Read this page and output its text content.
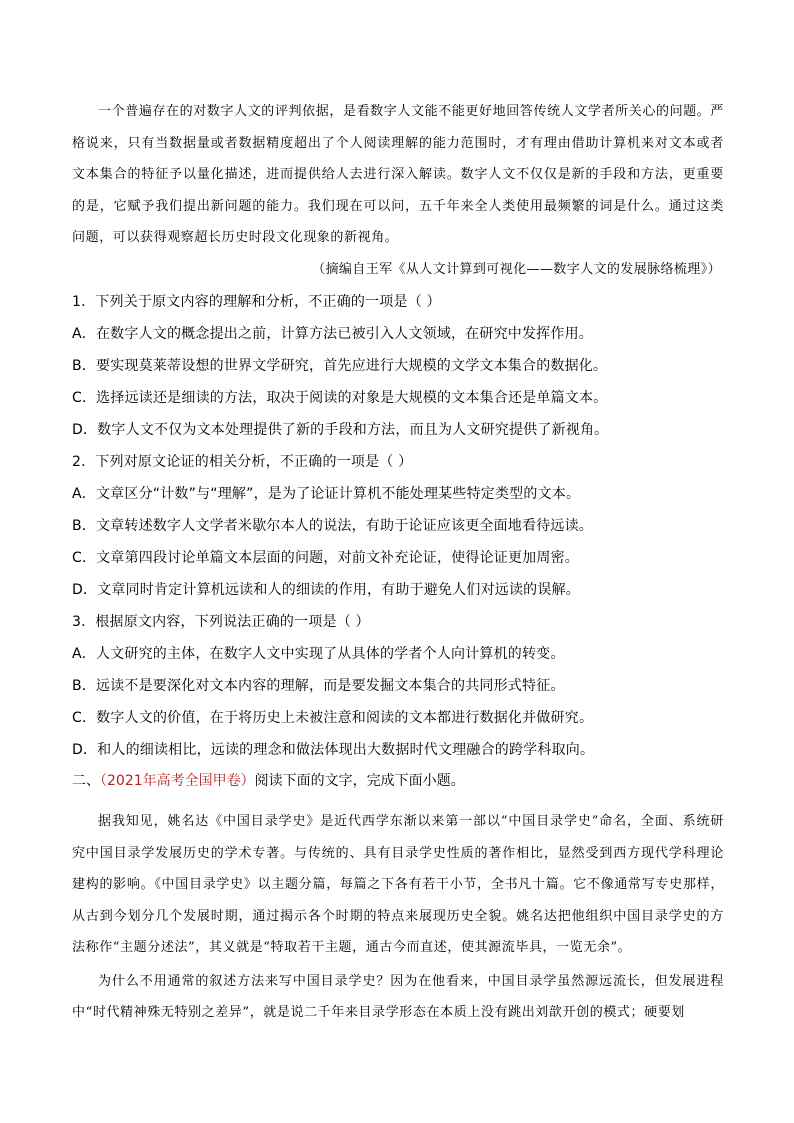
一个普遍存在的对数字人文的评判依据，是看数字人文能不能更好地回答传统人文学者所关心的问题。严格说来，只有当数据量或者数据精度超出了个人阅读理解的能力范围时，才有理由借助计算机来对文本或者文本集合的特征予以量化描述，进而提供给人去进行深入解读。数字人文不仅仅是新的手段和方法，更重要的是，它赋予我们提出新问题的能力。我们现在可以问，五千年来全人类使用最频繁的词是什么。通过这类问题，可以获得观察超长历史时段文化现象的新视角。

（摘编自王军《从人文计算到可视化——数字人文的发展脉络梳理》）
1．下列关于原文内容的理解和分析，不正确的一项是（ ）
A．在数字人文的概念提出之前，计算方法已被引入人文领域，在研究中发挥作用。
B．要实现莫莱蒂设想的世界文学研究，首先应进行大规模的文学文本集合的数据化。
C．选择远读还是细读的方法，取决于阅读的对象是大规模的文本集合还是单篇文本。
D．数字人文不仅为文本处理提供了新的手段和方法，而且为人文研究提供了新视角。
2．下列对原文论证的相关分析，不正确的一项是（ ）
A．文章区分“计数”与“理解”，是为了论证计算机不能处理某些特定类型的文本。
B．文章转述数字人文学者米歇尔本人的说法，有助于论证应该更全面地看待远读。
C．文章第四段讨论单篇文本层面的问题，对前文补充论证，使得论证更加周密。
D．文章同时肯定计算机远读和人的细读的作用，有助于避免人们对远读的误解。
3．根据原文内容，下列说法正确的一项是（ ）
A．人文研究的主体，在数字人文中实现了从具体的学者个人向计算机的转变。
B．远读不是要深化对文本内容的理解，而是要发掘文本集合的共同形式特征。
C．数字人文的价值，在于将历史上未被注意和阅读的文本都进行数据化并做研究。
D．和人的细读相比，远读的理念和做法体现出大数据时代文理融合的跨学科取向。
二、（2021年高考全国甲卷）阅读下面的文字，完成下面小题。

据我知见，姚名达《中国目录学史》是近代西学东渐以来第一部以“中国目录学史”命名，全面、系统研究中国目录学发展历史的学术专著。与传统的、具有目录学史性质的著作相比，显然受到西方现代学科理论建构的影响。《中国目录学史》以主题分篇，每篇之下各有若干小节，全书凡十篇。它不像通常写专史那样，从古到今划分几个发展时期，通过揭示各个时期的特点来展现历史全貌。姚名达把他组织中国目录学史的方法称作“主题分述法”，其义就是“特取若干主题，通古今而直述，使其源流毕具，一览无余”。

为什么不用通常的叙述方法来写中国目录学史？因为在他看来，中国目录学虽然源远流长，但发展进程中“时代精神殊无特别之差异”，就是说二千年来目录学形态在本质上没有跳出刘歆开创的模式；硬要划
